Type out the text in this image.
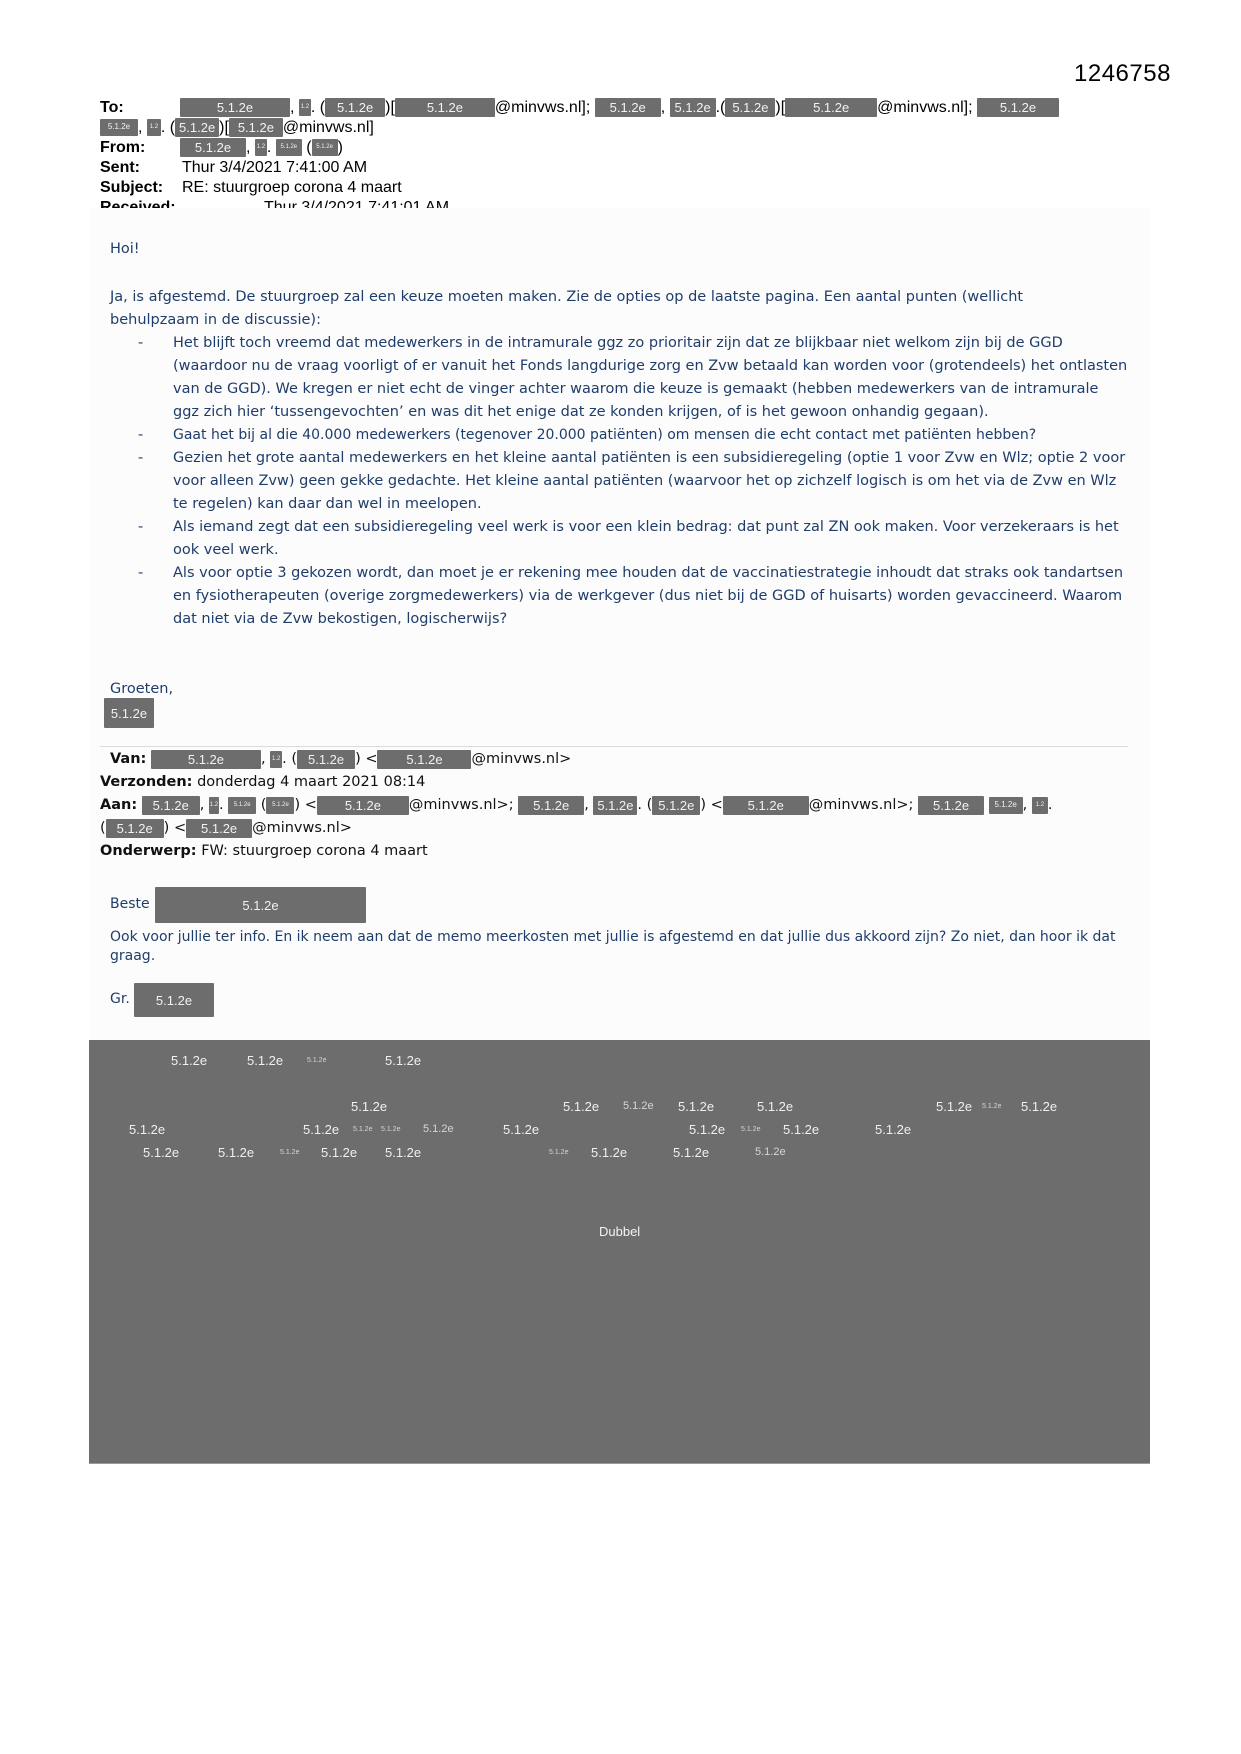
1246758
To:	5.1.2e , 1.2 . ( 5.1.2e )[ 5.1.2e @minvws.nl]; 5.1.2e , 5.1.2e .( 5.1.2e )[ 5.1.2e @minvws.nl]; 5.1.2e
5.1.2e , 1.2 . ( 5.1.2e )[ 5.1.2e @minvws.nl]
From:	5.1.2e , 1.2 . 5.1.2e ( 5.1.2e )
Sent:	Thur 3/4/2021 7:41:00 AM
Subject: RE: stuurgroep corona 4 maart
Hoi!
Ja, is afgestemd. De stuurgroep zal een keuze moeten maken. Zie de opties op de laatste pagina. Een aantal punten (wellicht behulpzaam in de discussie):
- Het blijft toch vreemd dat medewerkers in de intramurale ggz zo prioritair zijn dat ze blijkbaar niet welkom zijn bij de GGD (waardoor nu de vraag voorligt of er vanuit het Fonds langdurige zorg en Zvw betaald kan worden voor (grotendeels) het ontlasten van de GGD). We kregen er niet echt de vinger achter waarom die keuze is gemaakt (hebben medewerkers van de intramurale ggz zich hier ‘tussengevochten’ en was dit het enige dat ze konden krijgen, of is het gewoon onhandig gegaan).
- Gaat het bij al die 40.000 medewerkers (tegenover 20.000 patiënten) om mensen die echt contact met patiënten hebben?
- Gezien het grote aantal medewerkers en het kleine aantal patiënten is een subsidieregeling (optie 1 voor Zvw en Wlz; optie 2 voor voor alleen Zvw) geen gekke gedachte. Het kleine aantal patiënten (waarvoor het op zichzelf logisch is om het via de Zvw en Wlz te regelen) kan daar dan wel in meelopen.
- Als iemand zegt dat een subsidieregeling veel werk is voor een klein bedrag: dat punt zal ZN ook maken. Voor verzekeraars is het ook veel werk.
- Als voor optie 3 gekozen wordt, dan moet je er rekening mee houden dat de vaccinatiestrategie inhoudt dat straks ook tandartsen en fysiotherapeuten (overige zorgmedewerkers) via de werkgever (dus niet bij de GGD of huisarts) worden gevaccineerd. Waarom dat niet via de Zvw bekostigen, logischerwijs?
Groeten,
5.1.2e
Van:	5.1.2e	, 1.2 . ( 5.1.2e ) < 5.1.2e @minvws.nl>
Verzonden: donderdag 4 maart 2021 08:14
Aan: 5.1.2e , 1.2. 5.1.2e ( 5.1.2e ) < 5.1.2e @minvws.nl>; 5.1.2e , 5.1.2e . ( 5.1.2e ) < 5.1.2e @minvws.nl>; 5.1.2e	5.1.2e , 1.2 .
( 5.1.2e ) < 5.1.2e @minvws.nl>
Onderwerp: FW: stuurgroep corona 4 maart
Beste	5.1.2e
Ook voor jullie ter info. En ik neem aan dat de memo meerkosten met jullie is afgestemd en dat jullie dus akkoord zijn? Zo niet, dan hoor ik dat graag.
Gr.	5.1.2e
5.1.2e	5.1.2e	5.1.2e	5.1.2e
5.1.2e	5.1.2e 5.1.2e 5.1.2e	5.1.2e	5.1.2e 5.1.2e 5.1.2e
5.1.2e	5.1.2e 5.1.2e 5.1.2e 5.1.2e	5.1.2e	5.1.2e 5.1.2e 5.1.2e	5.1.2e
5.1.2e	5.1.2e	5.1.2e 5.1.2e 5.1.2e	5.1.2e 5.1.2e	5.1.2e	5.1.2e
Dubbel
